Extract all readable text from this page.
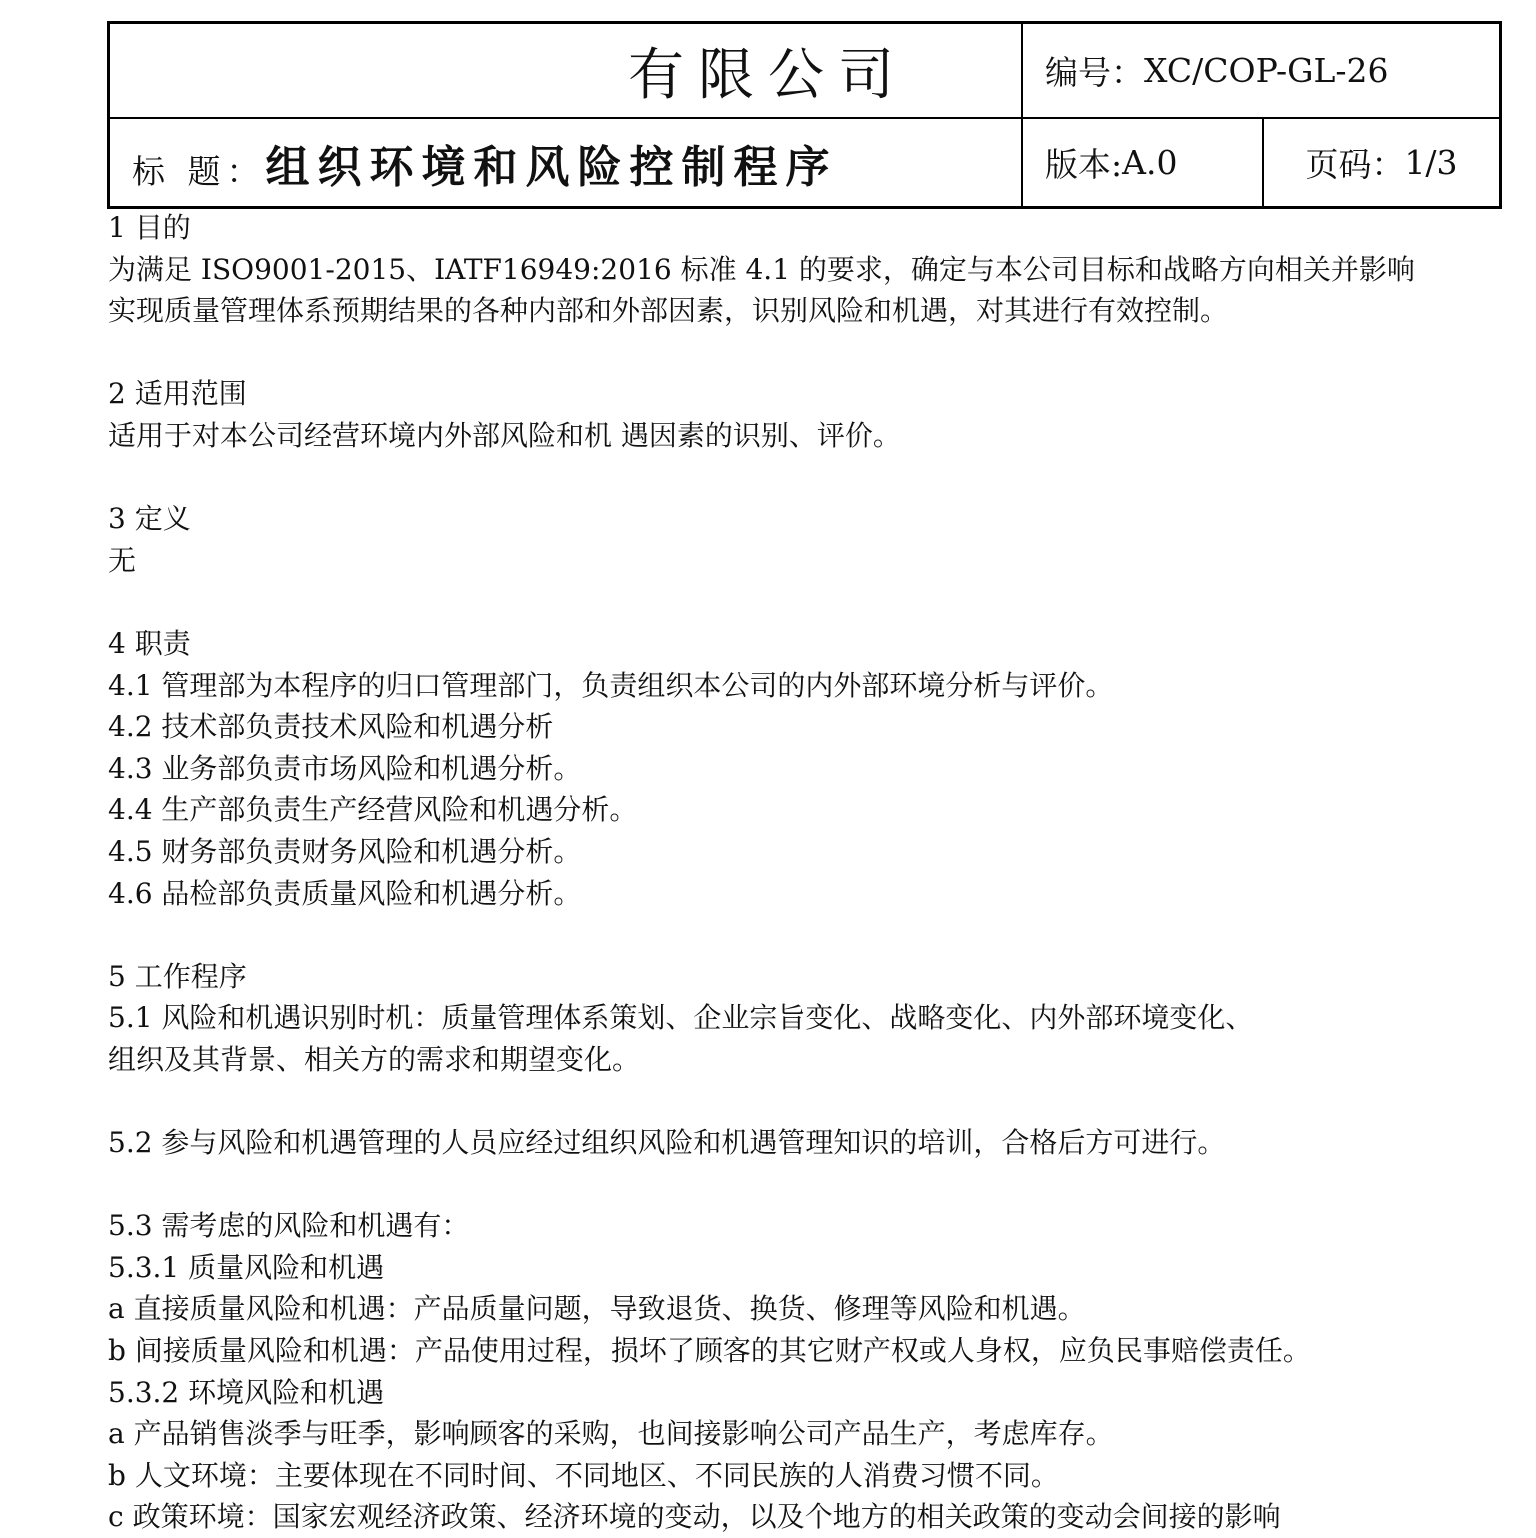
有限公司	编号： XC/COP-GL-26
标 题： 组织环境和风险控制程序	版本: A.0	页码： 1/3
1 目的
为满足 ISO9001-2015、IATF16949:2016 标准 4.1 的要求，确定与本公司目标和战略方向相关并影响
实现质量管理体系预期结果的各种内部和外部因素，识别风险和机遇，对其进行有效控制。
2 适用范围
适用于对本公司经营环境内外部风险和机 遇因素的识别、评价。
3 定义
无
4 职责
4.1 管理部为本程序的归口管理部门，负责组织本公司的内外部环境分析与评价。
4.2 技术部负责技术风险和机遇分析
4.3 业务部负责市场风险和机遇分析。
4.4 生产部负责生产经营风险和机遇分析。
4.5 财务部负责财务风险和机遇分析。
4.6 品检部负责质量风险和机遇分析。
5 工作程序
5.1 风险和机遇识别时机：质量管理体系策划、企业宗旨变化、战略变化、内外部环境变化、
组织及其背景、相关方的需求和期望变化。
5.2 参与风险和机遇管理的人员应经过组织风险和机遇管理知识的培训，合格后方可进行。
5.3 需考虑的风险和机遇有：
5.3.1 质量风险和机遇
a 直接质量风险和机遇：产品质量问题，导致退货、换货、修理等风险和机遇。
b 间接质量风险和机遇：产品使用过程，损坏了顾客的其它财产权或人身权，应负民事赔偿责任。
5.3.2 环境风险和机遇
a 产品销售淡季与旺季，影响顾客的采购，也间接影响公司产品生产，考虑库存。
b 人文环境：主要体现在不同时间、不同地区、不同民族的人消费习惯不同。
c 政策环境：国家宏观经济政策、经济环境的变动，以及个地方的相关政策的变动会间接的影响
